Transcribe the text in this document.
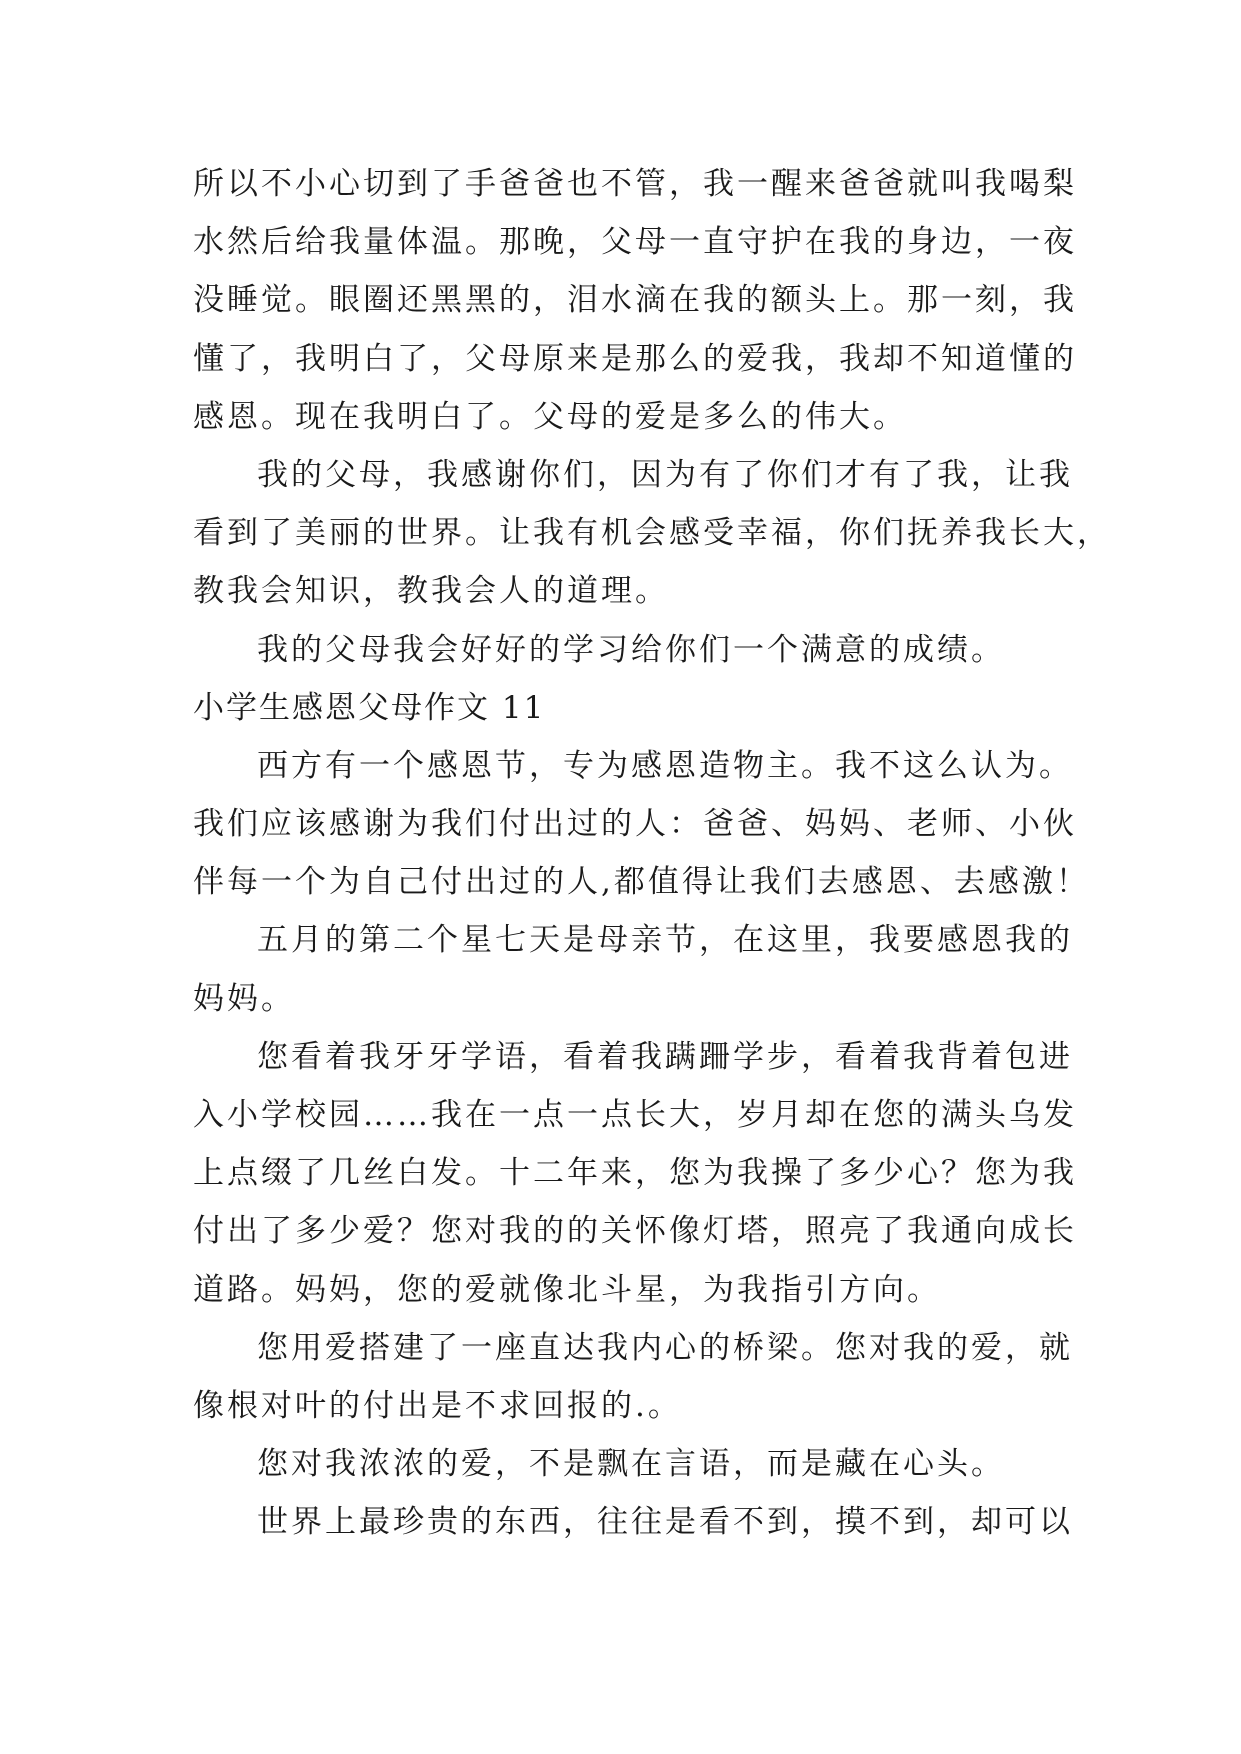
所以不小心切到了手爸爸也不管，我一醒来爸爸就叫我喝梨
水然后给我量体温。那晚，父母一直守护在我的身边，一夜
没睡觉。眼圈还黑黑的，泪水滴在我的额头上。那一刻，我
懂了，我明白了，父母原来是那么的爱我，我却不知道懂的
感恩。现在我明白了。父母的爱是多么的伟大。
我的父母，我感谢你们，因为有了你们才有了我，让我
看到了美丽的世界。让我有机会感受幸福，你们抚养我长大，
教我会知识，教我会人的道理。
我的父母我会好好的学习给你们一个满意的成绩。
小学生感恩父母作文 11
西方有一个感恩节，专为感恩造物主。我不这么认为。
我们应该感谢为我们付出过的人：爸爸、妈妈、老师、小伙
伴每一个为自己付出过的人,都值得让我们去感恩、去感激！
五月的第二个星七天是母亲节，在这里，我要感恩我的
妈妈。
您看着我牙牙学语，看着我蹒跚学步，看着我背着包进
入小学校园……我在一点一点长大，岁月却在您的满头乌发
上点缀了几丝白发。十二年来，您为我操了多少心？您为我
付出了多少爱？您对我的的关怀像灯塔，照亮了我通向成长
道路。妈妈，您的爱就像北斗星，为我指引方向。
您用爱搭建了一座直达我内心的桥梁。您对我的爱，就
像根对叶的付出是不求回报的.。
您对我浓浓的爱，不是飘在言语，而是藏在心头。
世界上最珍贵的东西，往往是看不到，摸不到，却可以
